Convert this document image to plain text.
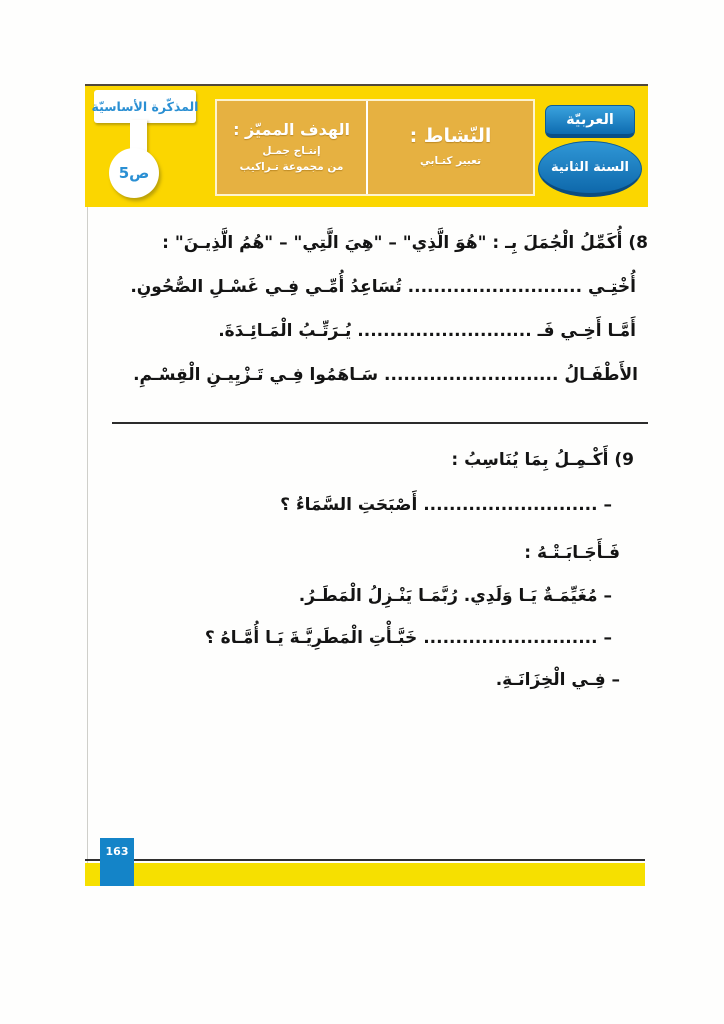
المذكّرة الأساسيّة
ص5
النّشاط :
تعبير كتـابي
الهدف المميّز :
إنتـاج جمـل
من مجموعة تـراكيب
العربيّة
السنة الثانية
8) أُكَمِّلُ الْجُمَلَ بِـ : "هُوَ الَّذِي" – "هِيَ الَّتِي" – "هُمُ الَّذِيـنَ" :
أُخْتِـي ........................... تُسَاعِدُ أُمِّـي فِـي غَسْـلِ الصُّحُونِ.
أَمَّـا أَخِـي فَـ ........................... يُـرَتِّـبُ الْمَـائِـدَةَ.
الأَطْفَـالُ ........................... سَـاهَمُوا فِـي تَـزْيِيـنِ الْقِسْـمِ.
9) أَكْـمِـلُ بِمَا يُنَاسِبُ :
– ........................... أَصْبَحَتِ السَّمَاءُ ؟
فَـأَجَـابَـتْـهُ :
– مُغَيِّمَـةٌ يَـا وَلَدِي. رُبَّمَـا يَنْـزِلُ الْمَطَـرُ.
– ........................... خَبَّـأْتِ الْمَطَرِيَّـةَ يَـا أُمَّـاهُ ؟
– فِـي الْخِزَانَـةِ.
163
